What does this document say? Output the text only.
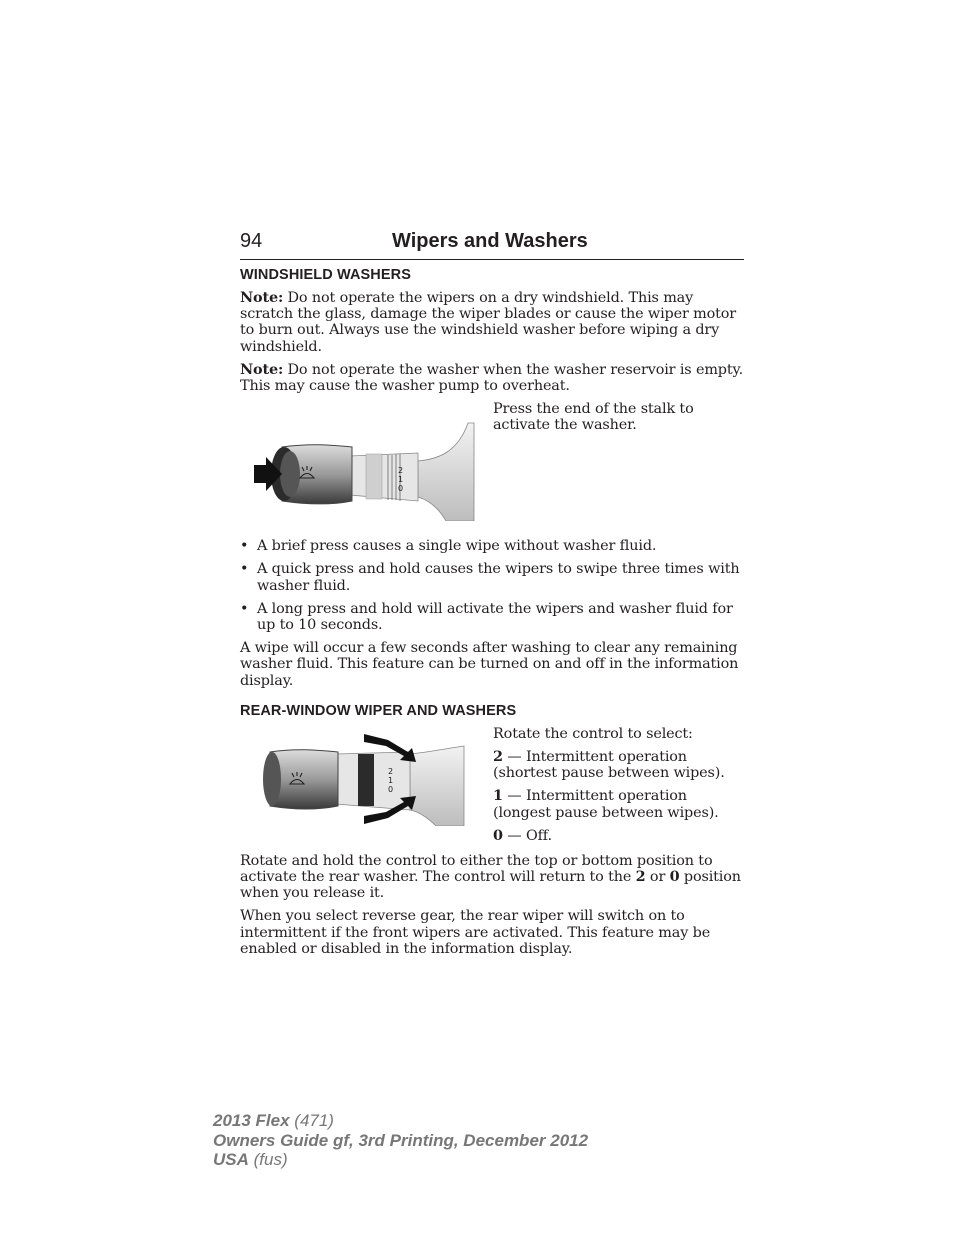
94	Wipers and Washers
WINDSHIELD WASHERS

Note: Do not operate the wipers on a dry windshield. This may scratch the glass, damage the wiper blades or cause the wiper motor to burn out. Always use the windshield washer before wiping a dry windshield.

Note: Do not operate the washer when the washer reservoir is empty. This may cause the washer pump to overheat.

2
1
0

Press the end of the stalk to activate the washer.

• A brief press causes a single wipe without washer fluid.
• A quick press and hold causes the wipers to swipe three times with washer fluid.
• A long press and hold will activate the wipers and washer fluid for up to 10 seconds.

A wipe will occur a few seconds after washing to clear any remaining washer fluid. This feature can be turned on and off in the information display.

REAR-WINDOW WIPER AND WASHERS
2
1
0

Rotate the control to select:

2 — Intermittent operation (shortest pause between wipes).

1 — Intermittent operation (longest pause between wipes).

0 — Off.

Rotate and hold the control to either the top or bottom position to activate the rear washer. The control will return to the 2 or 0 position when you release it.

When you select reverse gear, the rear wiper will switch on to intermittent if the front wipers are activated. This feature may be enabled or disabled in the information display.

2013 Flex (471)
Owners Guide gf, 3rd Printing, December 2012
USA (fus)
